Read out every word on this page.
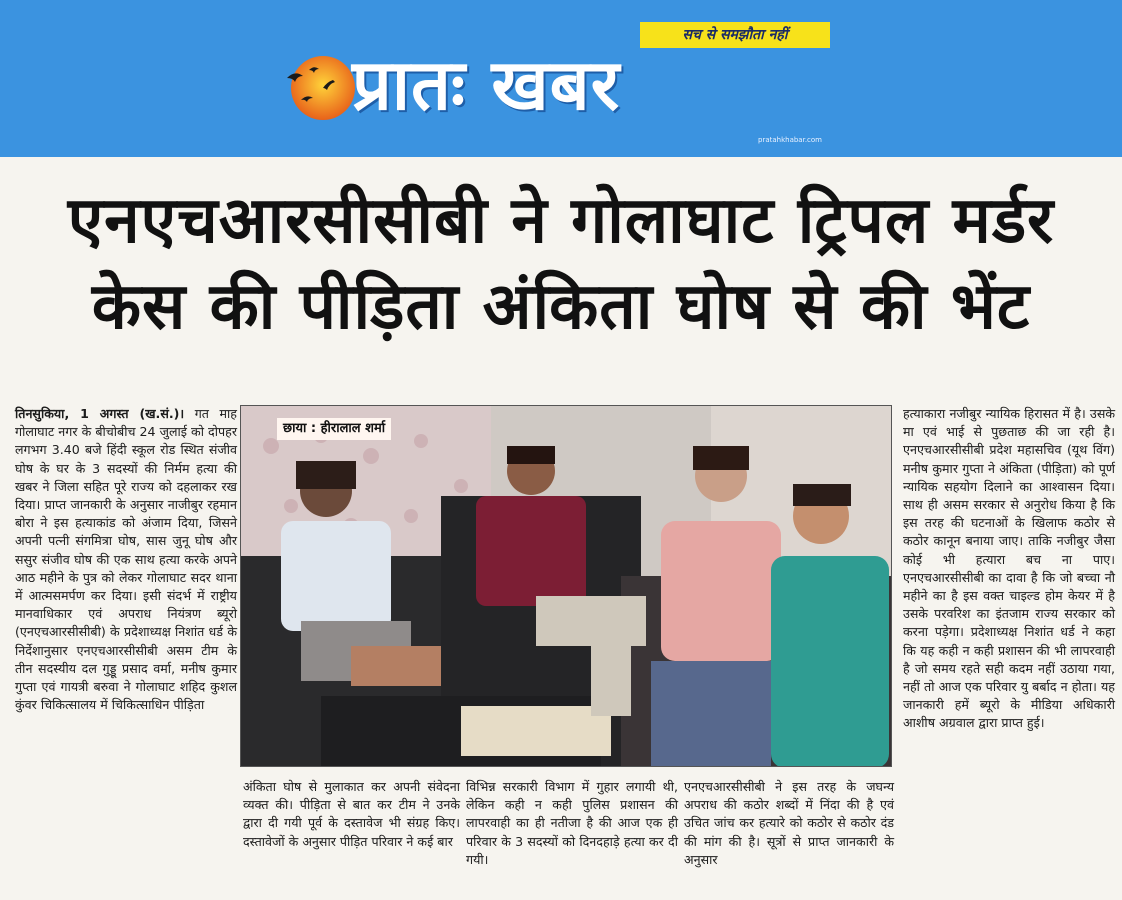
सच से समझौता नहीं
प्रातः खबर
pratahkhabar.com
एनएचआरसीसीबी ने गोलाघाट ट्रिपल मर्डर
केस की पीड़िता अंकिता घोष से की भेंट
तिनसुकिया, 1 अगस्त (ख.सं.)। गत माह गोलाघाट नगर के बीचोबीच 24 जुलाई को दोपहर लगभग 3.40 बजे हिंदी स्कूल रोड स्थित संजीव घोष के घर के 3 सदस्यों की निर्मम हत्या की खबर ने जिला सहित पूरे राज्य को दहलाकर रख दिया। प्राप्त जानकारी के अनुसार नाजीबुर रहमान बोरा ने इस हत्याकांड को अंजाम दिया, जिसने अपनी पत्नी संगमित्रा घोष, सास जुनू घोष और ससुर संजीव घोष की एक साथ हत्या करके अपने आठ महीने के पुत्र को लेकर गोलाघाट सदर थाना में आत्मसमर्पण कर दिया। इसी संदर्भ में राष्ट्रीय मानवाधिकार एवं अपराध नियंत्रण ब्यूरो (एनएचआरसीसीबी) के प्रदेशाध्यक्ष निशांत धर्ड के निर्देशानुसार एनएचआरसीसीबी असम टीम के तीन सदस्यीय दल गुड्डू प्रसाद वर्मा, मनीष कुमार गुप्ता एवं गायत्री बरुवा ने गोलाघाट शहिद कुशल कुंवर चिकित्सालय में चिकित्साधिन पीड़िता
छाया : हीरालाल शर्मा
अंकिता घोष से मुलाकात कर अपनी संवेदना व्यक्त की। पीड़िता से बात कर टीम ने उनके द्वारा दी गयी पूर्व के दस्तावेज भी संग्रह किए। दस्तावेजों के अनुसार पीड़ित परिवार ने कई बार
विभिन्न सरकारी विभाग में गुहार लगायी थी, लेकिन कही न कही पुलिस प्रशासन की लापरवाही का ही नतीजा है की आज एक ही परिवार के 3 सदस्यों को दिनदहाड़े हत्या कर दी गयी।
एनएचआरसीसीबी ने इस तरह के जघन्य अपराध की कठोर शब्दों में निंदा की है एवं उचित जांच कर हत्यारे को कठोर से कठोर दंड की मांग की है। सूत्रों से प्राप्त जानकारी के अनुसार
हत्याकारा नजीबुर न्यायिक हिरासत में है। उसके मा एवं भाई से पुछताछ की जा रही है। एनएचआरसीसीबी प्रदेश महासचिव (यूथ विंग) मनीष कुमार गुप्ता ने अंकिता (पीड़िता) को पूर्ण न्यायिक सहयोग दिलाने का आश्वासन दिया। साथ ही असम सरकार से अनुरोध किया है कि इस तरह की घटनाओं के खिलाफ कठोर से कठोर कानून बनाया जाए। ताकि नजीबुर जैसा कोई भी हत्यारा बच ना पाए। एनएचआरसीसीबी का दावा है कि जो बच्चा नौ महीने का है इस वक्त चाइल्ड होम केयर में है उसके परवरिश का इंतजाम राज्य सरकार को करना पड़ेगा। प्रदेशाध्यक्ष निशांत धर्ड ने कहा कि यह कही न कही प्रशासन की भी लापरवाही है जो समय रहते सही कदम नहीं उठाया गया, नहीं तो आज एक परिवार यु बर्बाद न होता। यह जानकारी हमें ब्यूरो के मीडिया अधिकारी आशीष अग्रवाल द्वारा प्राप्त हुई।
